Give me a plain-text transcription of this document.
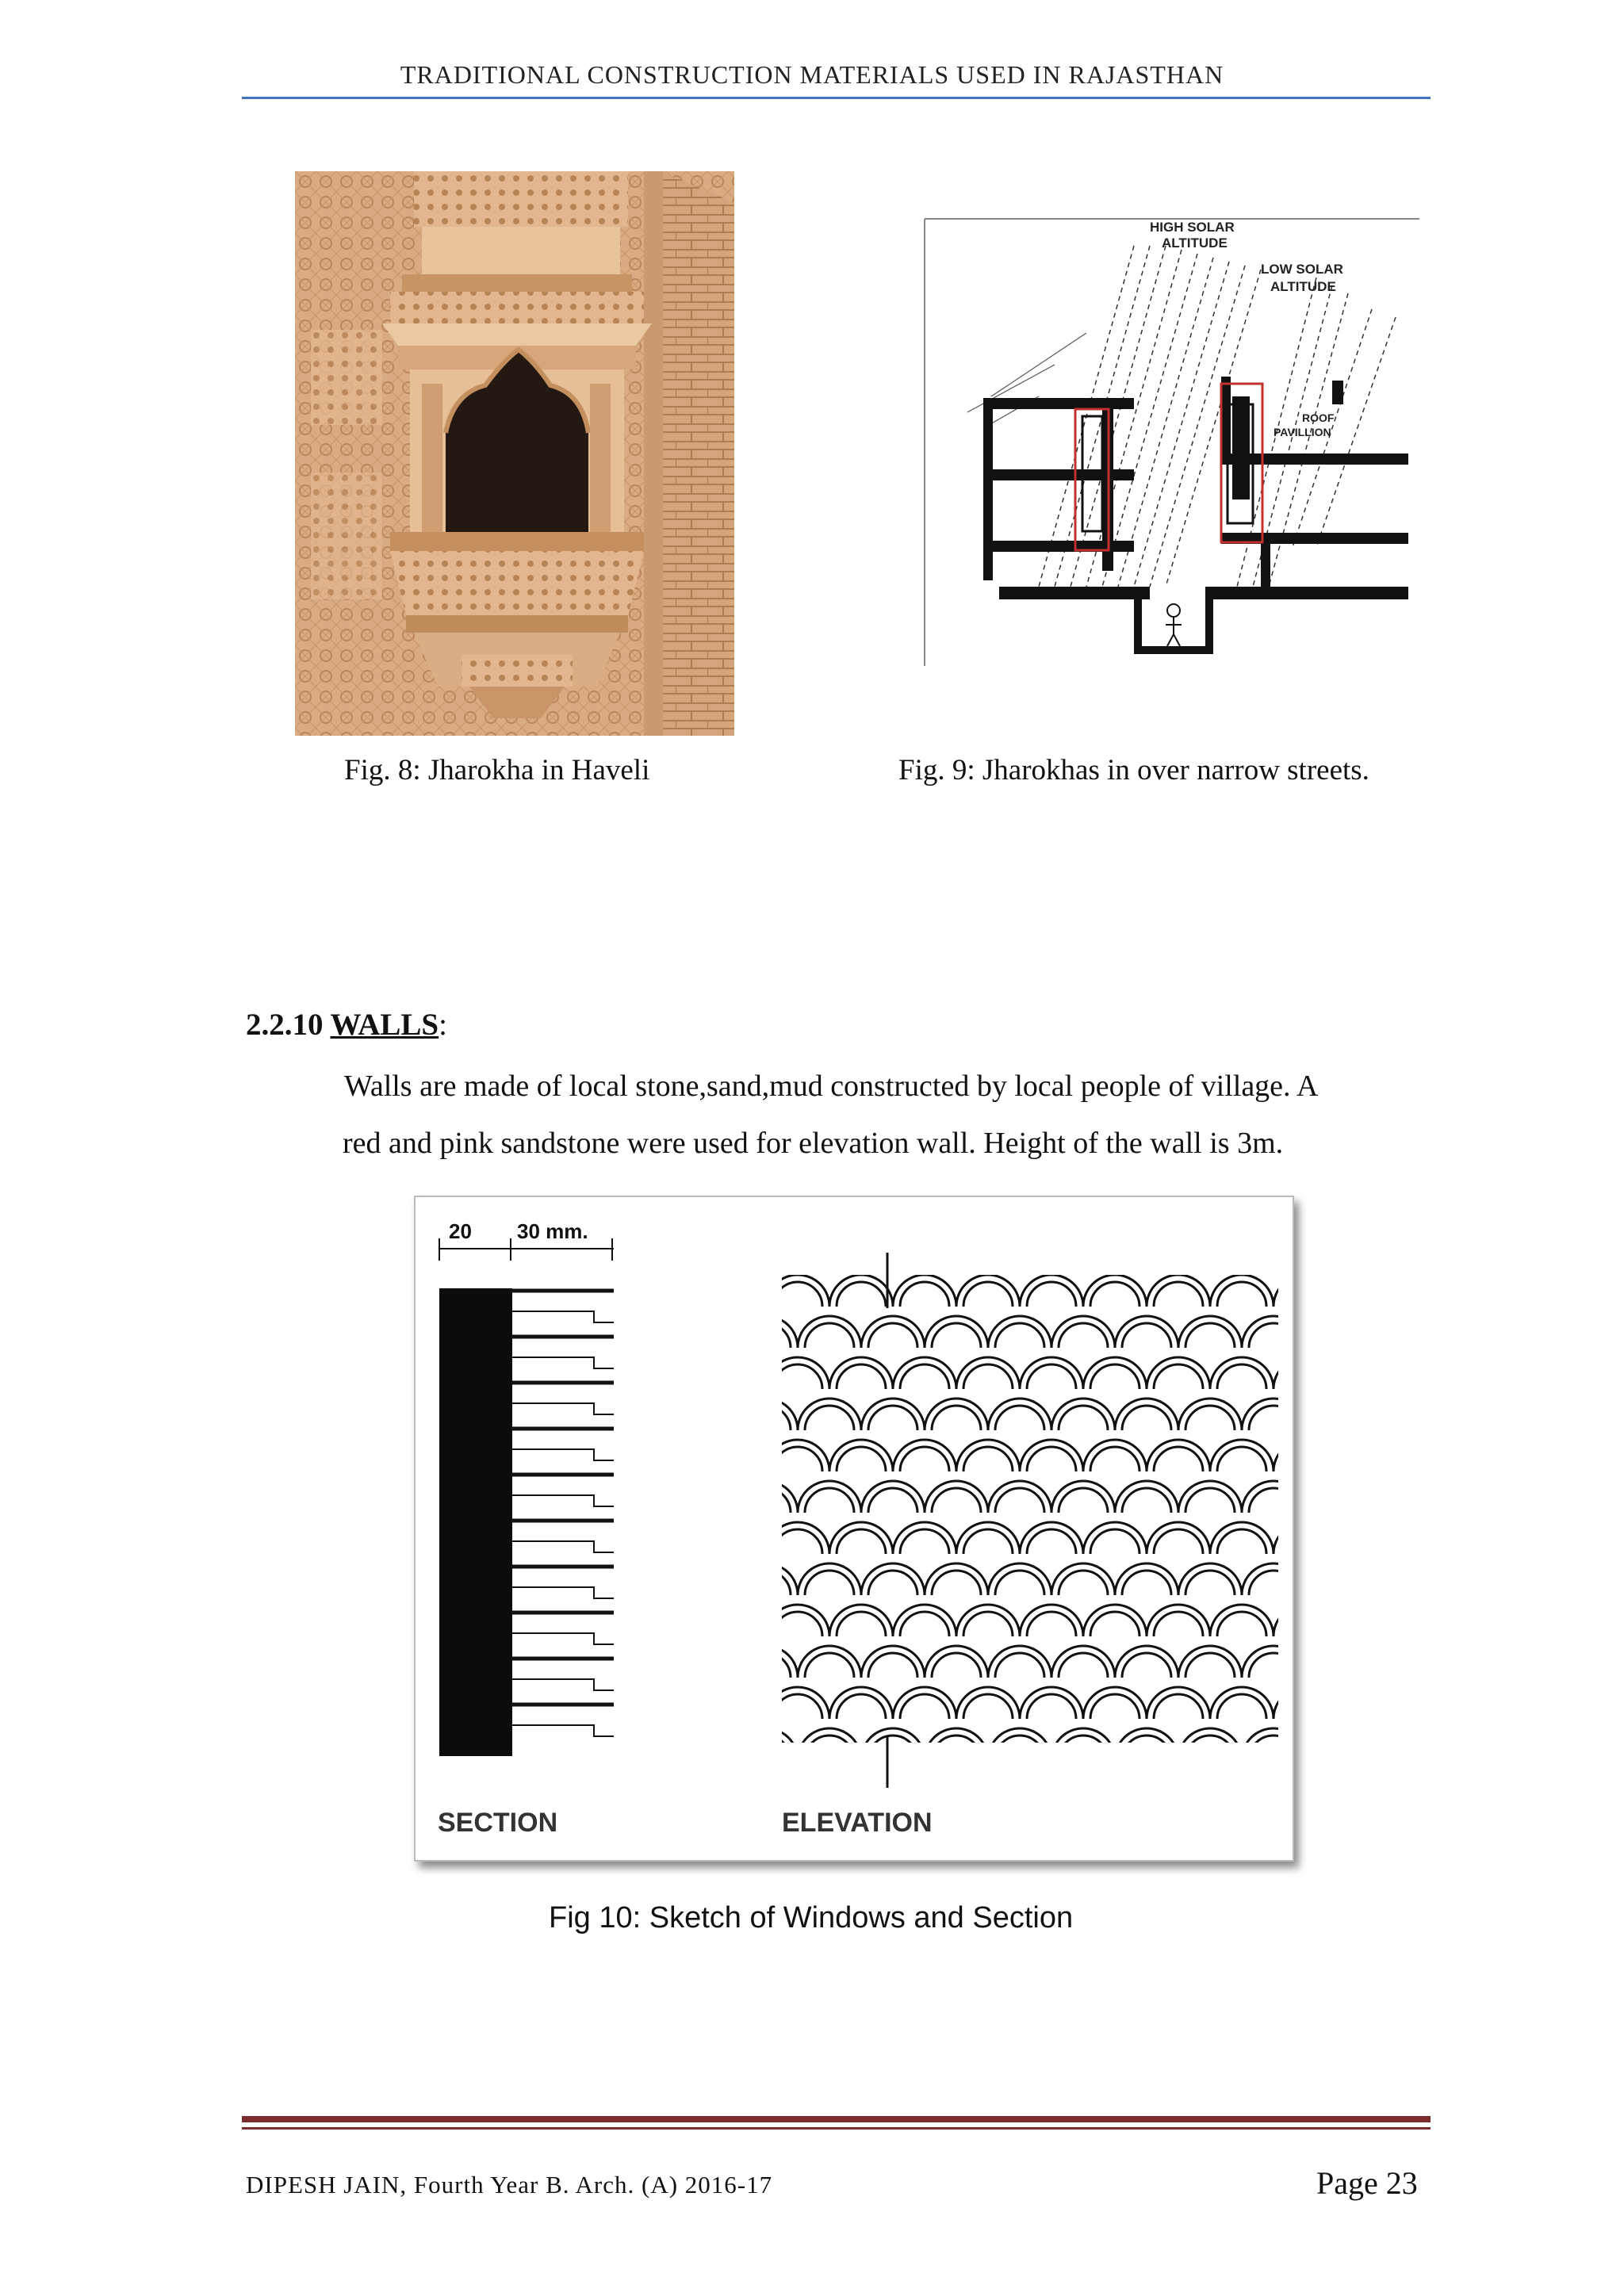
TRADITIONAL CONSTRUCTION MATERIALS USED IN RAJASTHAN
Fig. 8: Jharokha in Haveli
HIGH SOLAR
ALTITUDE
LOW SOLAR
ALTITUDE
ROOF
PAVILLION
Fig. 9: Jharokhas in over narrow streets.
2.2.10 WALLS:
Walls are made of local stone,sand,mud constructed by local people of village. A
red and pink sandstone were used for elevation wall. Height of the wall is 3m.
20 30 mm.
SECTION	ELEVATION
Fig 10: Sketch of Windows and Section
DIPESH JAIN, Fourth Year B. Arch. (A) 2016-17	Page 23
